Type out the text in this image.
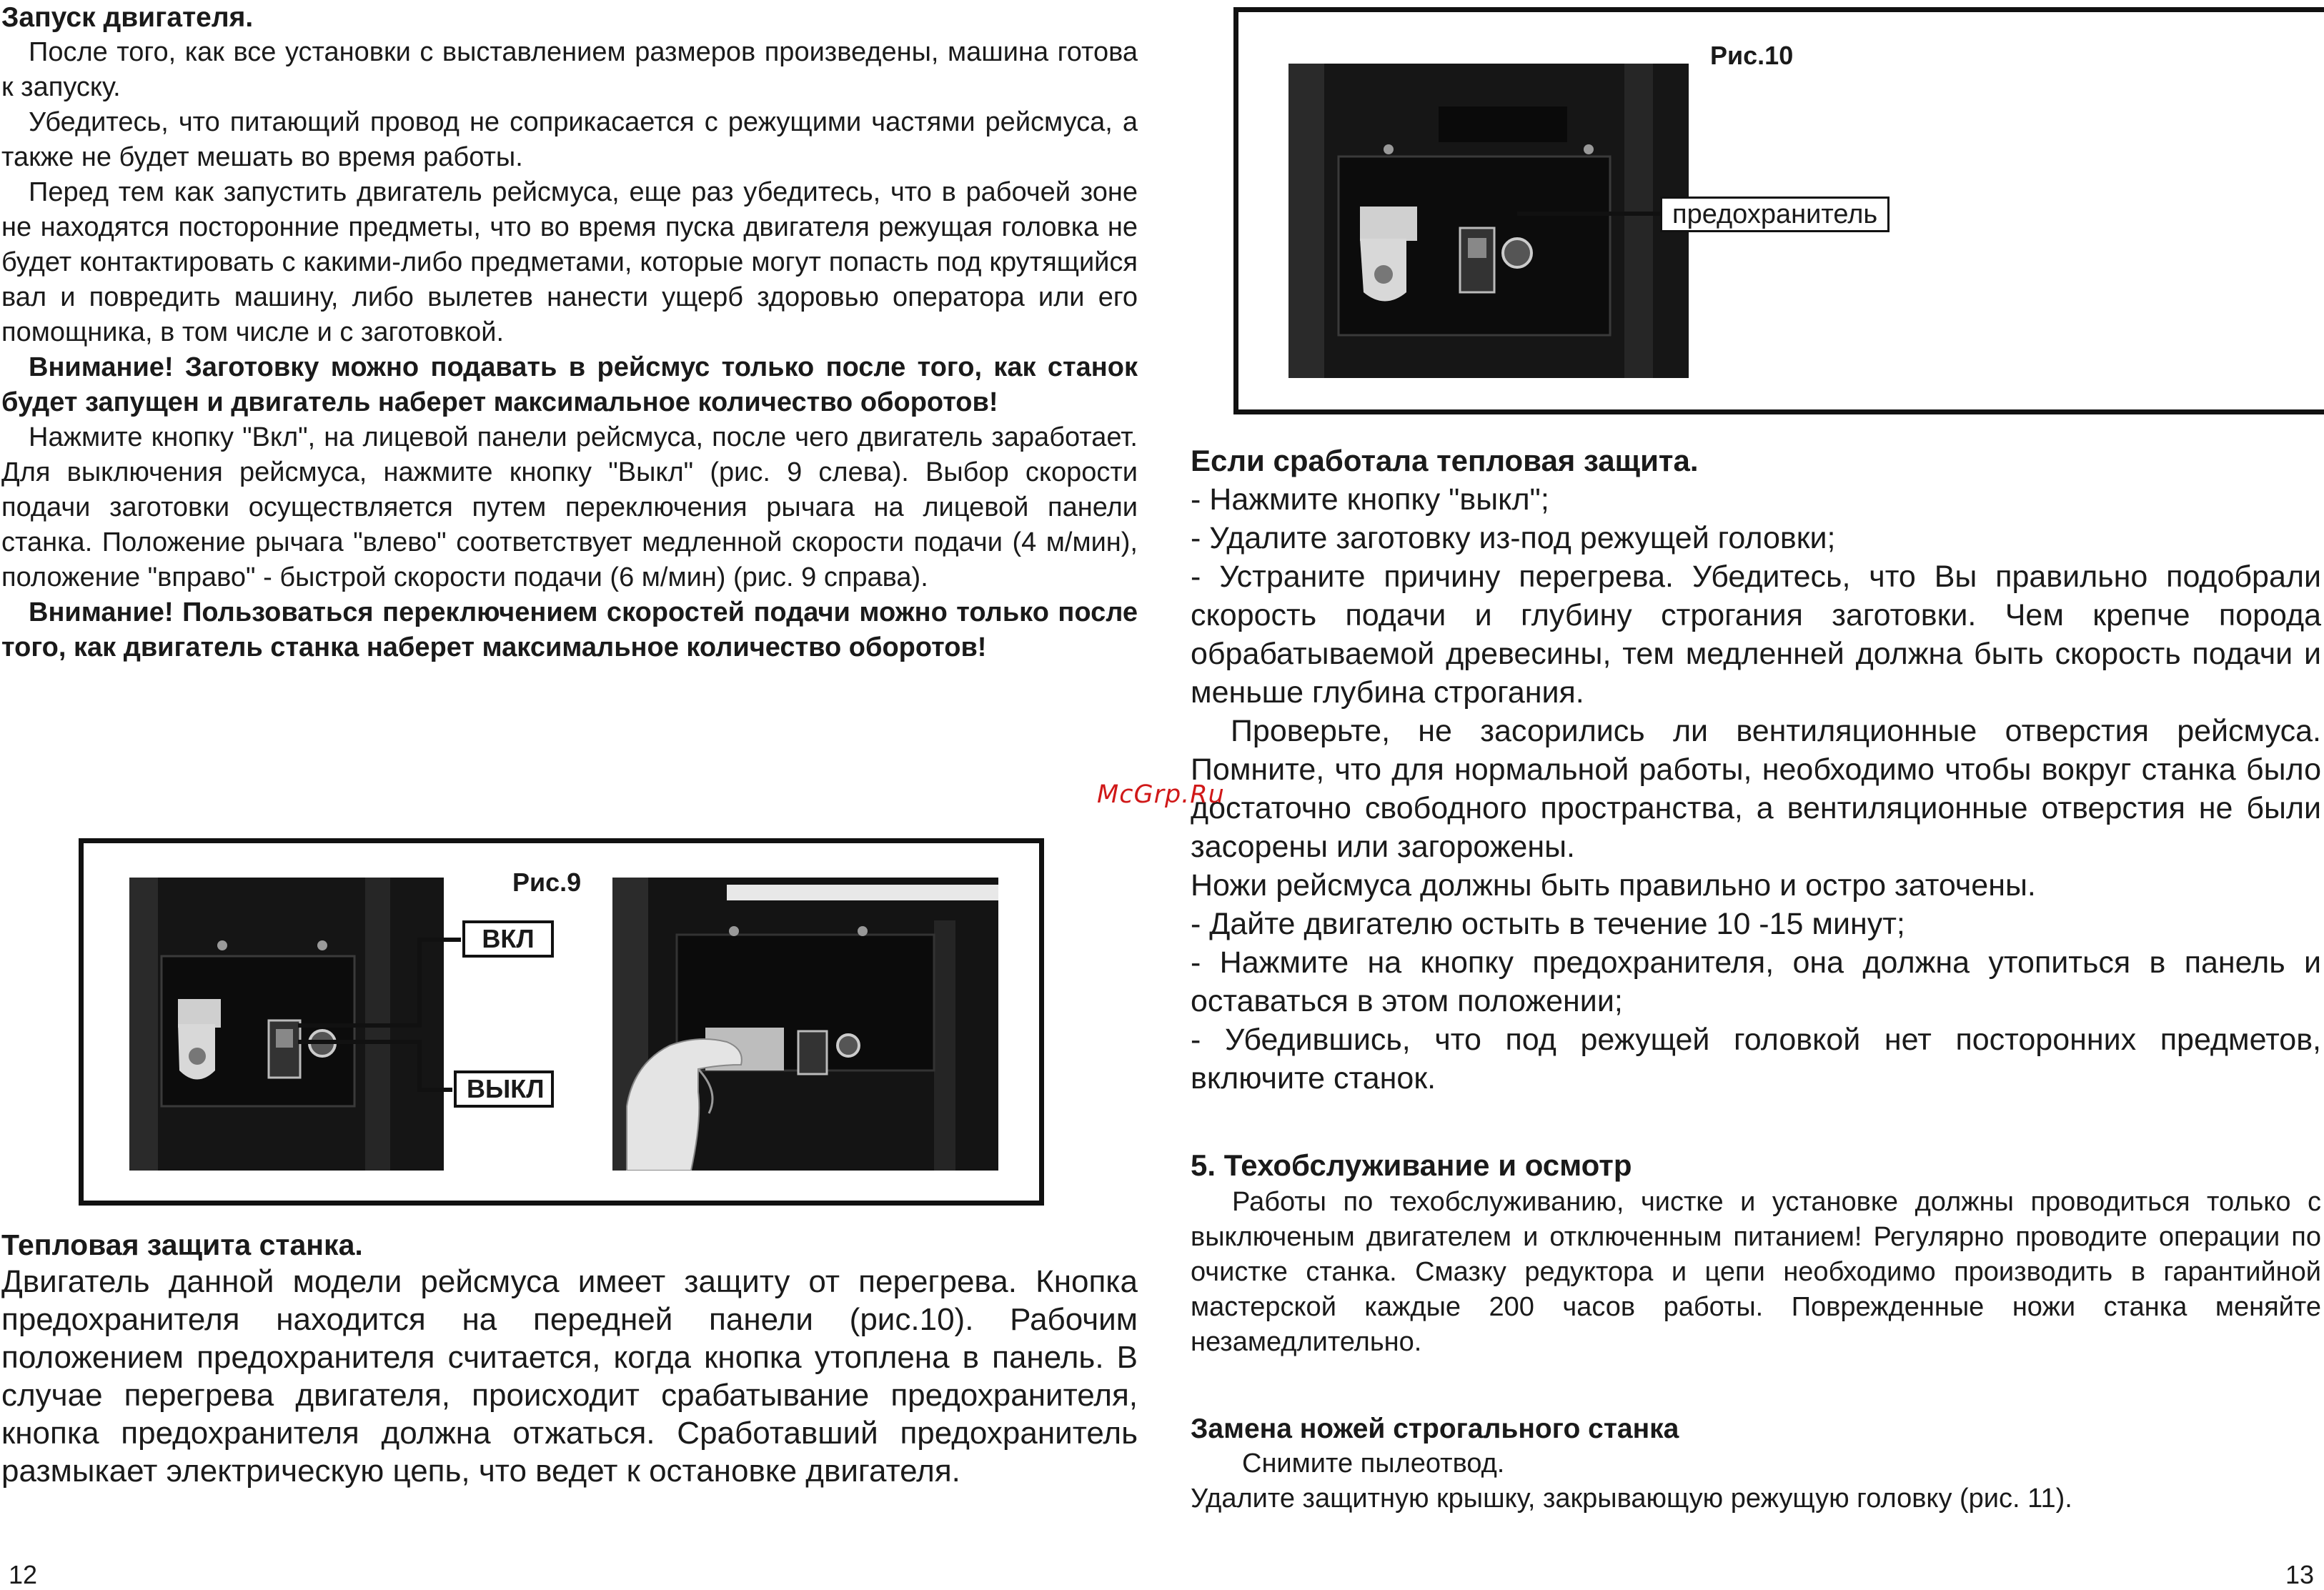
Запуск двигателя.

После того, как все установки с выставлением размеров произведены, машина готова к запуску.

Убедитесь, что питающий провод не соприкасается с режущими частями рейсмуса, а также не будет мешать во время работы.

Перед тем как запустить двигатель рейсмуса, еще раз убедитесь, что в рабочей зоне не находятся посторонние предметы, что во время пуска двигателя режущая головка не будет контактировать с какими-либо предметами, которые могут попасть под крутящийся вал и повредить машину, либо вылетев нанести ущерб здоровью оператора или его помощника, в том числе и с заготовкой.

Внимание! Заготовку можно подавать в рейсмус только после того, как станок будет запущен и двигатель наберет максимальное количество оборотов!

Нажмите кнопку "Вкл", на лицевой панели рейсмуса, после чего двигатель заработает. Для выключения рейсмуса, нажмите кнопку "Выкл" (рис. 9 слева). Выбор скорости подачи заготовки осуществляется путем переключения рычага на лицевой панели станка. Положение рычага "влево" соответствует медленной скорости подачи (4 м/мин), положение "вправо" - быстрой скорости подачи (6 м/мин) (рис. 9 справа).

Внимание! Пользоваться переключением скоростей подачи можно только после того, как двигатель станка наберет максимальное количество оборотов!

Рис.9
ВКЛ
ВЫКЛ

Тепловая защита станка.

Двигатель данной модели рейсмуса имеет защиту от перегрева. Кнопка предохранителя находится на передней панели (рис.10). Рабочим положением предохранителя считается, когда кнопка утоплена в панель. В случае перегрева двигателя, происходит срабатывание предохранителя, кнопка предохранителя должна отжаться. Сработавший предохранитель размыкает электрическую цепь, что ведет к остановке двигателя.

12
Рис.10
предохранитель

Если сработала тепловая защита.

- Нажмите кнопку "выкл";

- Удалите заготовку из-под режущей головки;

- Устраните причину перегрева. Убедитесь, что Вы правильно подобрали скорость подачи и глубину строгания заготовки. Чем крепче порода обрабатываемой древесины, тем медленней должна быть скорость подачи и меньше глубина строгания.

Проверьте, не засорились ли вентиляционные отверстия рейсмуса. Помните, что для нормальной работы, необходимо чтобы вокруг станка было достаточно свободного пространства, а вентиляционные отверстия не были засорены или загорожены.

Ножи рейсмуса должны быть правильно и остро заточены.

- Дайте двигателю остыть в течение 10 -15 минут;

- Нажмите на кнопку предохранителя, она должна утопиться в панель и оставаться в этом положении;

- Убедившись, что под режущей головкой нет посторонних предметов, включите станок.

5. Техобслуживание и осмотр

Работы по техобслуживанию, чистке и установке должны проводиться только с выключеным двигателем и отключенным питанием! Регулярно проводите операции по очистке станка. Смазку редуктора и цепи необходимо производить в гарантийной мастерской каждые 200 часов работы. Поврежденные ножи станка меняйте незамедлительно.

Замена ножей строгального станка

Снимите пылеотвод.

Удалите защитную крышку, закрывающую режущую головку (рис. 11).

13
McGrp.Ru
